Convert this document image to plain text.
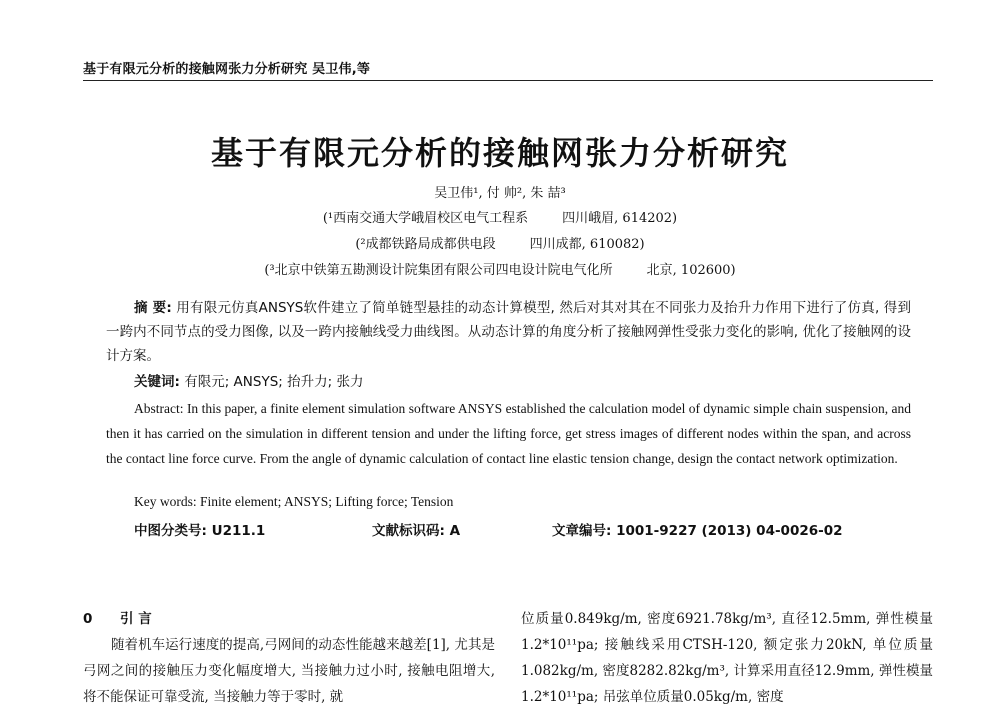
基于有限元分析的接触网张力分析研究 吴卫伟,等
基于有限元分析的接触网张力分析研究
吴卫伟¹, 付 帅², 朱 喆³
(¹西南交通大学峨眉校区电气工程系	四川峨眉, 614202)
(²成都铁路局成都供电段	四川成都, 610082)
(³北京中铁第五勘测设计院集团有限公司四电设计院电气化所	北京, 102600)
摘 要: 用有限元仿真ANSYS软件建立了简单链型悬挂的动态计算模型, 然后对其对其在不同张力及抬升力作用下进行了仿真, 得到一跨内不同节点的受力图像, 以及一跨内接触线受力曲线图。从动态计算的角度分析了接触网弹性受张力变化的影响, 优化了接触网的设计方案。
关键词: 有限元; ANSYS; 抬升力; 张力
Abstract: In this paper, a finite element simulation software ANSYS established the calculation model of dynamic simple chain suspension, and then it has carried on the simulation in different tension and under the lifting force, get stress images of different nodes within the span, and across the contact line force curve. From the angle of dynamic calculation of contact line elastic tension change, design the contact network optimization.
Key words: Finite element; ANSYS; Lifting force; Tension
中图分类号: U211.1	文献标识码: A	文章编号: 1001-9227 (2013) 04-0026-02
0 引 言
随着机车运行速度的提高,弓网间的动态性能越来越差[1], 尤其是弓网之间的接触压力变化幅度增大, 当接触力过小时, 接触电阻增大, 将不能保证可靠受流, 当接触力等于零时, 就
位质量0.849kg/m, 密度6921.78kg/m³, 直径12.5mm, 弹性模量1.2*10¹¹pa; 接触线采用CTSH-120, 额定张力20kN, 单位质量1.082kg/m, 密度8282.82kg/m³, 计算采用直径12.9mm, 弹性模量1.2*10¹¹pa; 吊弦单位质量0.05kg/m, 密度
